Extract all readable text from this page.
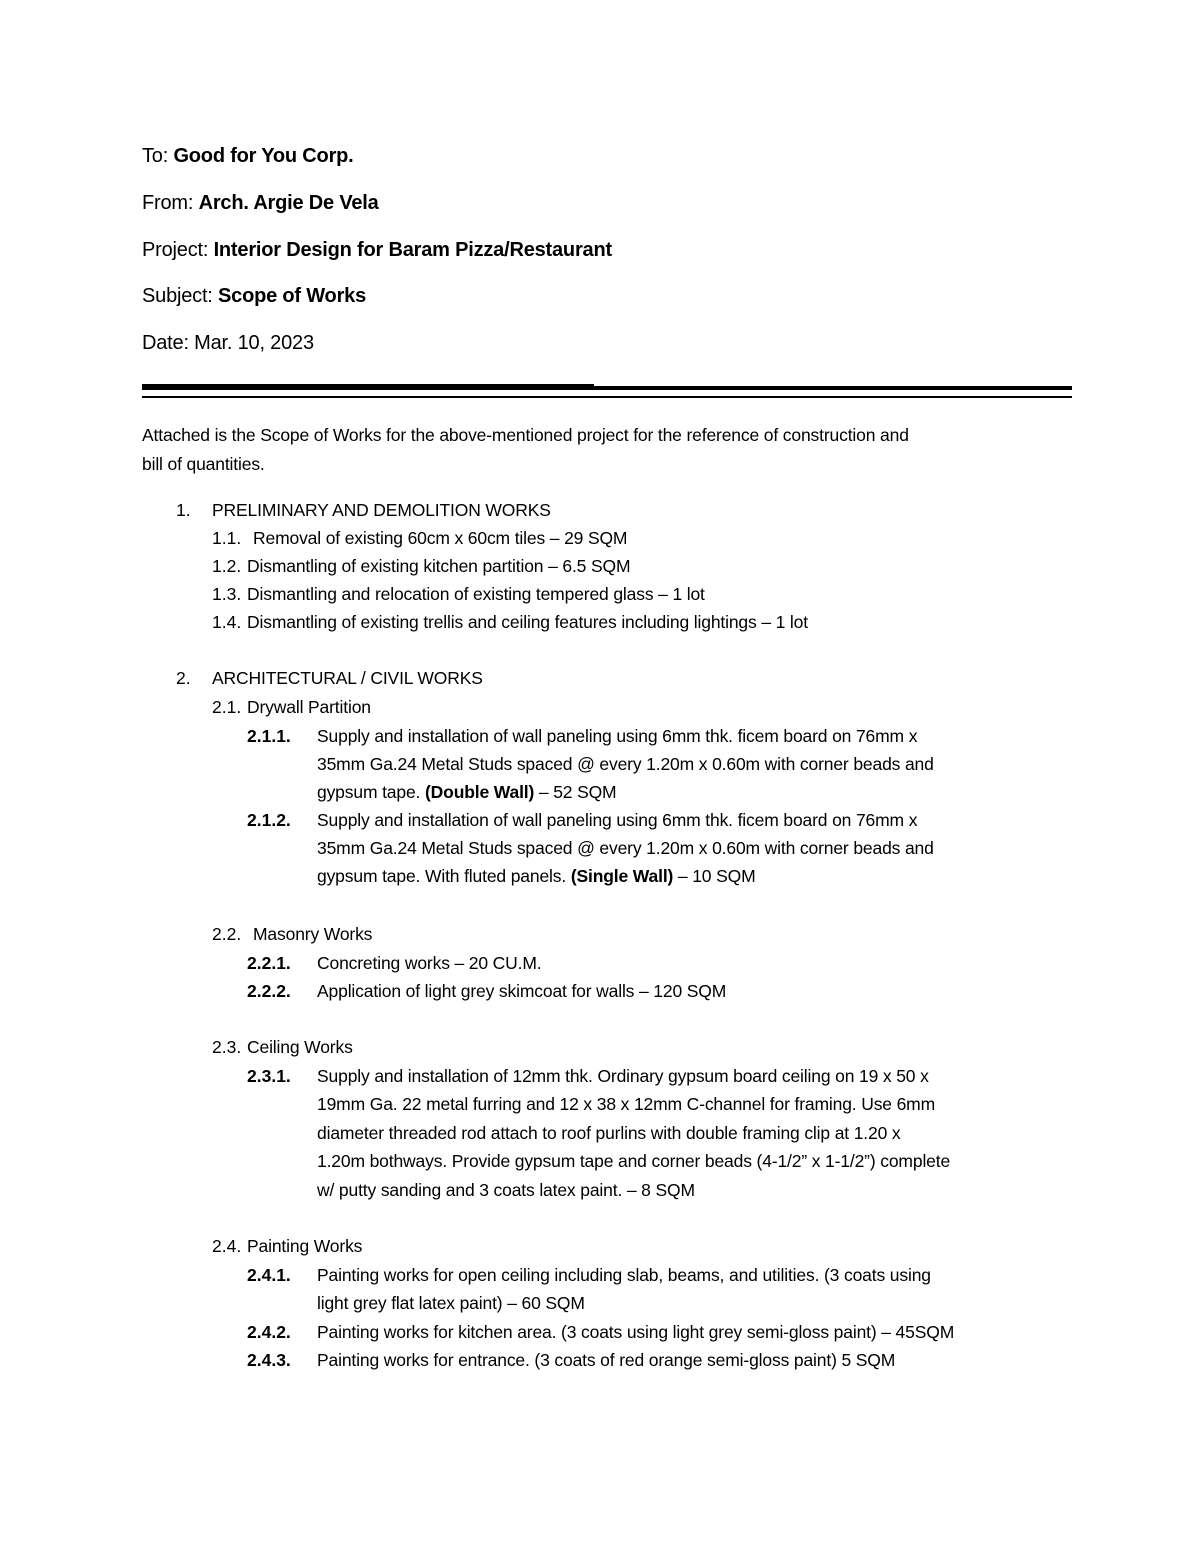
To: Good for You Corp.
From: Arch. Argie De Vela
Project: Interior Design for Baram Pizza/Restaurant
Subject: Scope of Works
Date: Mar. 10, 2023
Attached is the Scope of Works for the above-mentioned project for the reference of construction and
bill of quantities.
1. PRELIMINARY AND DEMOLITION WORKS
1.1. Removal of existing 60cm x 60cm tiles – 29 SQM
1.2. Dismantling of existing kitchen partition – 6.5 SQM
1.3. Dismantling and relocation of existing tempered glass – 1 lot
1.4. Dismantling of existing trellis and ceiling features including lightings – 1 lot
2. ARCHITECTURAL / CIVIL WORKS
2.1. Drywall Partition
2.1.1. Supply and installation of wall paneling using 6mm thk. ficem board on 76mm x
35mm Ga.24 Metal Studs spaced @ every 1.20m x 0.60m with corner beads and
gypsum tape. (Double Wall) – 52 SQM
2.1.2. Supply and installation of wall paneling using 6mm thk. ficem board on 76mm x
35mm Ga.24 Metal Studs spaced @ every 1.20m x 0.60m with corner beads and
gypsum tape. With fluted panels. (Single Wall) – 10 SQM
2.2. Masonry Works
2.2.1. Concreting works – 20 CU.M.
2.2.2. Application of light grey skimcoat for walls – 120 SQM
2.3. Ceiling Works
2.3.1. Supply and installation of 12mm thk. Ordinary gypsum board ceiling on 19 x 50 x
19mm Ga. 22 metal furring and 12 x 38 x 12mm C-channel for framing. Use 6mm
diameter threaded rod attach to roof purlins with double framing clip at 1.20 x
1.20m bothways. Provide gypsum tape and corner beads (4-1/2” x 1-1/2”) complete
w/ putty sanding and 3 coats latex paint. – 8 SQM
2.4. Painting Works
2.4.1. Painting works for open ceiling including slab, beams, and utilities. (3 coats using
light grey flat latex paint) – 60 SQM
2.4.2. Painting works for kitchen area. (3 coats using light grey semi-gloss paint) – 45SQM
2.4.3. Painting works for entrance. (3 coats of red orange semi-gloss paint) 5 SQM
